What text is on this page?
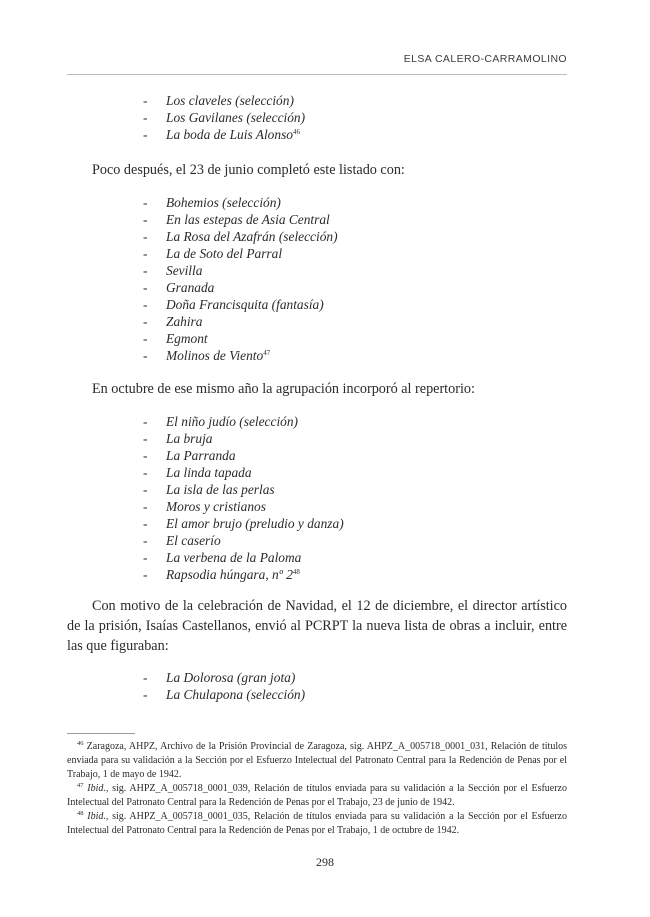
ELSA CALERO-CARRAMOLINO
- Los claveles (selección)
- Los Gavilanes (selección)
- La boda de Luis Alonso$^{46}$

Poco después, el 23 de junio completó este listado con:

- Bohemios (selección)
- En las estepas de Asia Central
- La Rosa del Azafrán (selección)
- La de Soto del Parral
- Sevilla
- Granada
- Doña Francisquita (fantasía)
- Zahira
- Egmont
- Molinos de Viento$^{47}$

En octubre de ese mismo año la agrupación incorporó al repertorio:

- El niño judío (selección)
- La bruja
- La Parranda
- La linda tapada
- La isla de las perlas
- Moros y cristianos
- El amor brujo (preludio y danza)
- El caserío
- La verbena de la Paloma
- Rapsodia húngara, nº $2^{48}$

Con motivo de la celebración de Navidad, el 12 de diciembre, el director artístico de la prisión, Isaías Castellanos, envió al PCRPT la nueva lista de obras a incluir, entre las que figuraban:

- La Dolorosa (gran jota)
- La Chulapona (selección)

$^{46}$ Zaragoza, AHPZ, Archivo de la Prisión Provincial de Zaragoza, sig. AHPZ_A_005718_0001_031, Relación de títulos enviada para su validación a la Sección por el Esfuerzo Intelectual del Patronato Central para la Redención de Penas por el Trabajo, 1 de mayo de 1942.

$^{47}$ Ibid., sig. AHPZ_A_005718_0001_039, Relación de títulos enviada para su validación a la Sección por el Esfuerzo Intelectual del Patronato Central para la Redención de Penas por el Trabajo, 23 de junio de 1942.

$^{48}$ Ibid., sig. AHPZ_A_005718_0001_035, Relación de títulos enviada para su validación a la Sección por el Esfuerzo Intelectual del Patronato Central para la Redención de Penas por el Trabajo, 1 de octubre de 1942.

298
